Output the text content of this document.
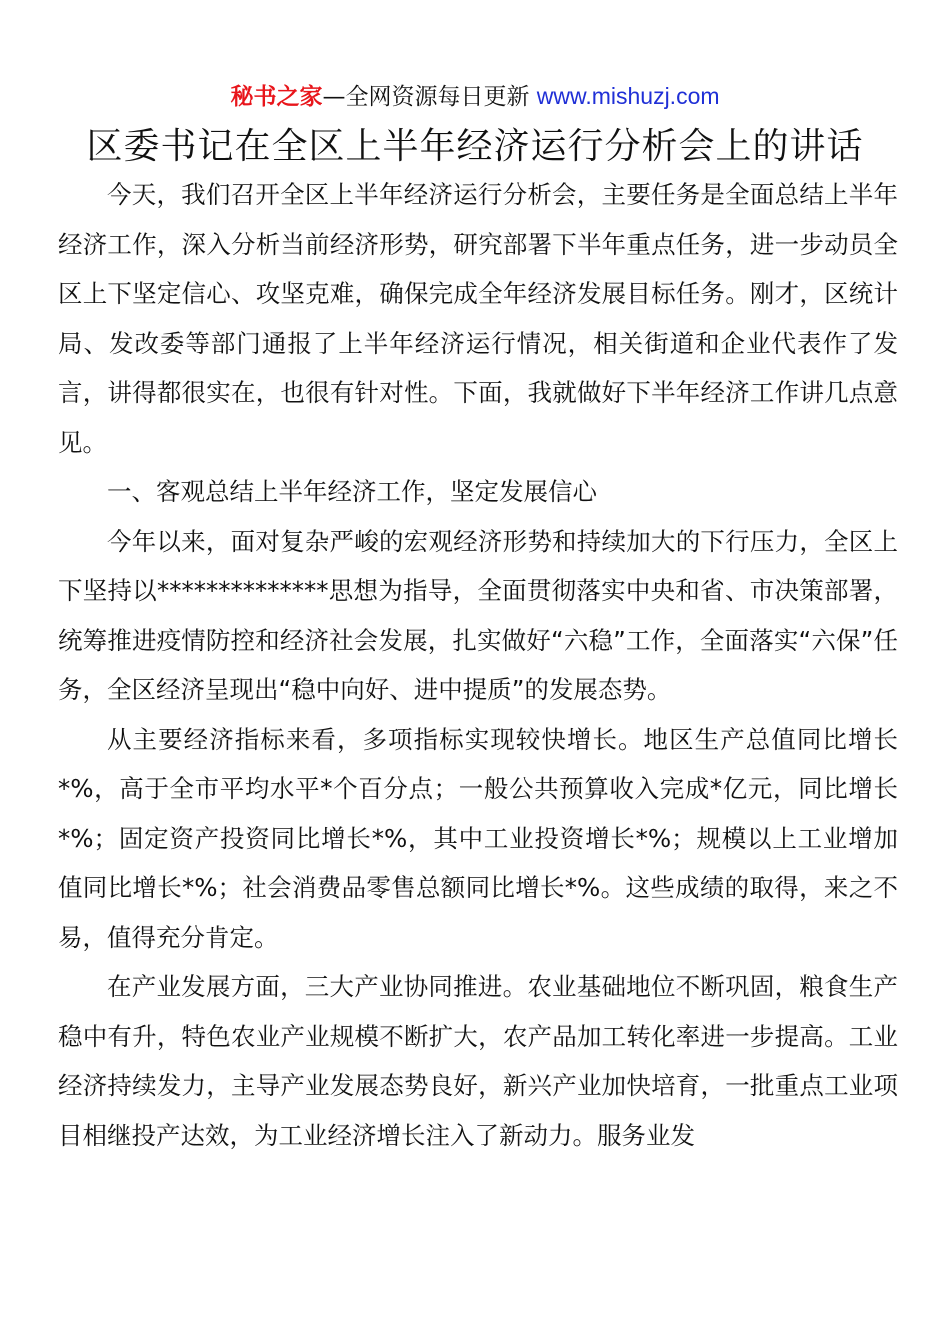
秘书之家—全网资源每日更新 www.mishuzj.com
区委书记在全区上半年经济运行分析会上的讲话

今天，我们召开全区上半年经济运行分析会，主要任务是全面总结上半年经济工作，深入分析当前经济形势，研究部署下半年重点任务，进一步动员全区上下坚定信心、攻坚克难，确保完成全年经济发展目标任务。刚才，区统计局、发改委等部门通报了上半年经济运行情况，相关街道和企业代表作了发言，讲得都很实在，也很有针对性。下面，我就做好下半年经济工作讲几点意见。

一、客观总结上半年经济工作，坚定发展信心

今年以来，面对复杂严峻的宏观经济形势和持续加大的下行压力，全区上下坚持以**************思想为指导，全面贯彻落实中央和省、市决策部署，统筹推进疫情防控和经济社会发展，扎实做好“六稳”工作，全面落实“六保”任务，全区经济呈现出“稳中向好、进中提质”的发展态势。

从主要经济指标来看，多项指标实现较快增长。地区生产总值同比增长*%，高于全市平均水平*个百分点；一般公共预算收入完成*亿元，同比增长*%；固定资产投资同比增长*%，其中工业投资增长*%；规模以上工业增加值同比增长*%；社会消费品零售总额同比增长*%。这些成绩的取得，来之不易，值得充分肯定。

在产业发展方面，三大产业协同推进。农业基础地位不断巩固，粮食生产稳中有升，特色农业产业规模不断扩大，农产品加工转化率进一步提高。工业经济持续发力，主导产业发展态势良好，新兴产业加快培育，一批重点工业项目相继投产达效，为工业经济增长注入了新动力。服务业发
